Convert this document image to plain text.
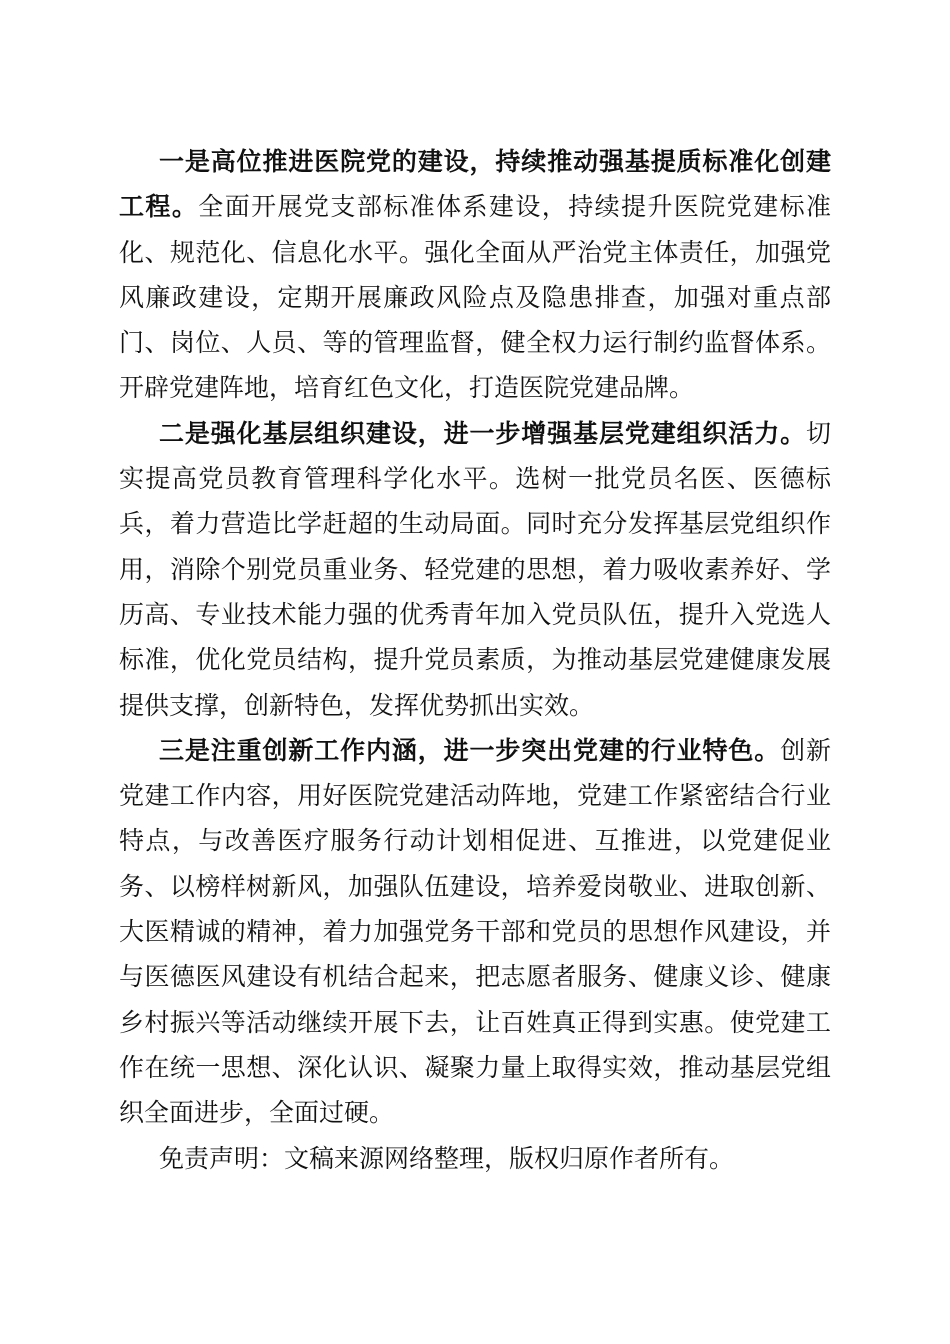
一是高位推进医院党的建设，持续推动强基提质标准化创建工程。全面开展党支部标准体系建设，持续提升医院党建标准化、规范化、信息化水平。强化全面从严治党主体责任，加强党风廉政建设，定期开展廉政风险点及隐患排查，加强对重点部门、岗位、人员、等的管理监督，健全权力运行制约监督体系。开辟党建阵地，培育红色文化，打造医院党建品牌。

二是强化基层组织建设，进一步增强基层党建组织活力。切实提高党员教育管理科学化水平。选树一批党员名医、医德标兵，着力营造比学赶超的生动局面。同时充分发挥基层党组织作用，消除个别党员重业务、轻党建的思想，着力吸收素养好、学历高、专业技术能力强的优秀青年加入党员队伍，提升入党选人标准，优化党员结构，提升党员素质，为推动基层党建健康发展提供支撑，创新特色，发挥优势抓出实效。

三是注重创新工作内涵，进一步突出党建的行业特色。创新党建工作内容，用好医院党建活动阵地，党建工作紧密结合行业特点，与改善医疗服务行动计划相促进、互推进，以党建促业务、以榜样树新风，加强队伍建设，培养爱岗敬业、进取创新、大医精诚的精神，着力加强党务干部和党员的思想作风建设，并与医德医风建设有机结合起来，把志愿者服务、健康义诊、健康乡村振兴等活动继续开展下去，让百姓真正得到实惠。使党建工作在统一思想、深化认识、凝聚力量上取得实效，推动基层党组织全面进步，全面过硬。

免责声明：文稿来源网络整理，版权归原作者所有。
